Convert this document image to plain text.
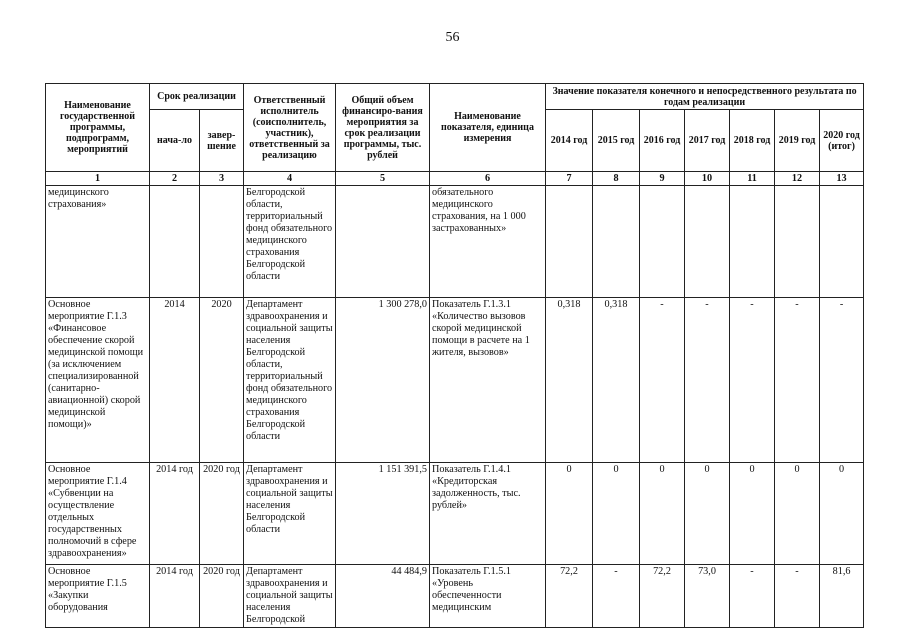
56
Наименование государственной программы, подпрограмм, мероприятий	Срок реализации		Ответственный исполнитель (соисполнитель, участник), ответственный за реализацию	Общий объем финансиро-вания мероприятия за срок реализации программы, тыс. рублей	Наименование показателя, единица измерения	Значение показателя конечного и непосредственного результата по годам реализации						
	нача-ло	завер-шение				2014 год	2015 год	2016 год	2017 год	2018 год	2019 год	2020 год (итог)
1	2	3	4	5	6	7	8	9	10	11	12	13
медицинского страхования»			Белгородской области, территориальный фонд обязательного медицинского страхования Белгородской области		обязательного медицинского страхования, на 1 000 застрахованных»							
Основное мероприятие Г.1.3 «Финансовое обеспечение скорой медицинской помощи (за исключением специализированной (санитарно-авиационной) скорой медицинской помощи)»	2014	2020	Департамент здравоохранения и социальной защиты населения Белгородской области, территориальный фонд обязательного медицинского страхования Белгородской области	1 300 278,0	Показатель Г.1.3.1 «Количество вызовов скорой медицинской помощи в расчете на 1 жителя, вызовов»	0,318	0,318	-	-	-	-	-
Основное мероприятие Г.1.4 «Субвенции на осуществление отдельных государственных полномочий в сфере здравоохранения»	2014 год	2020 год	Департамент здравоохранения и социальной защиты населения Белгородской области	1 151 391,5	Показатель Г.1.4.1 «Кредиторская задолженность, тыс. рублей»	0	0	0	0	0	0	0
Основное мероприятие Г.1.5 «Закупки оборудования	2014 год	2020 год	Департамент здравоохранения и социальной защиты населения Белгородской	44 484,9	Показатель Г.1.5.1 «Уровень обеспеченности медицинским	72,2	-	72,2	73,0	-	-	81,6
